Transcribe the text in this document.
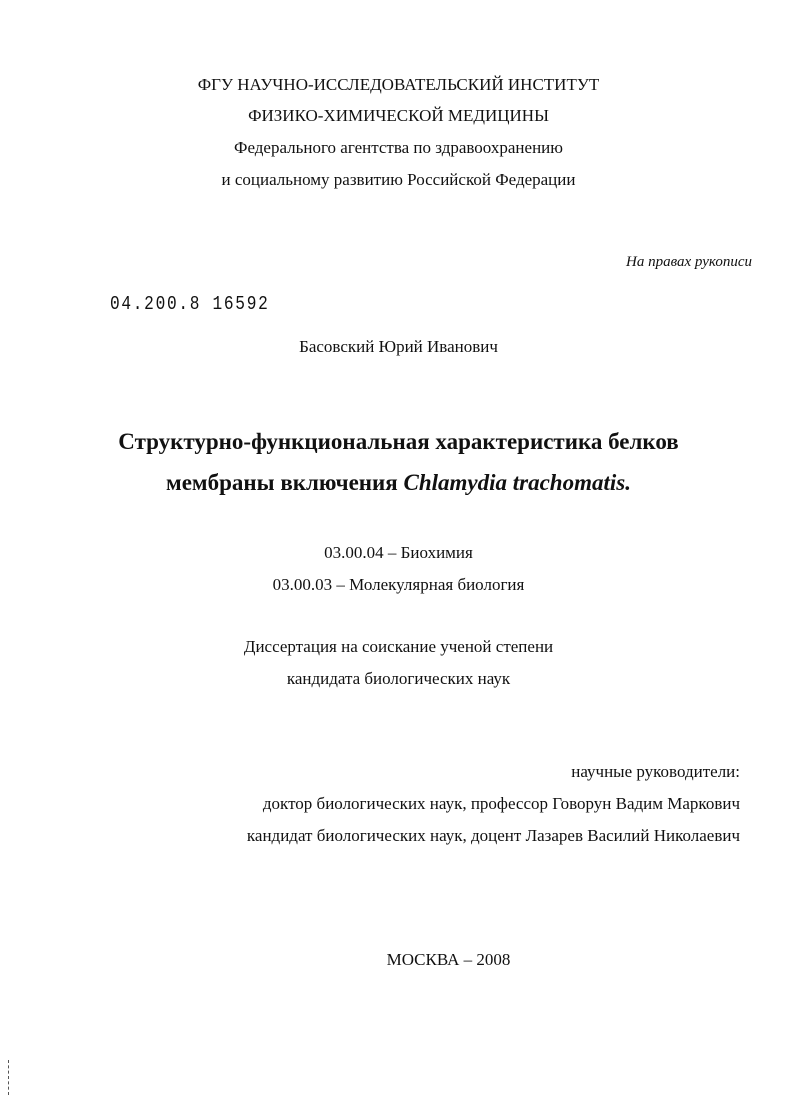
ФГУ НАУЧНО-ИССЛЕДОВАТЕЛЬСКИЙ ИНСТИТУТ
ФИЗИКО-ХИМИЧЕСКОЙ МЕДИЦИНЫ
Федерального агентства по здравоохранению
и социальному развитию Российской Федерации
На правах рукописи
04.200.8 16592
Басовский Юрий Иванович
Структурно-функциональная характеристика белков
мембраны включения Chlamydia trachomatis.
03.00.04 – Биохимия
03.00.03 – Молекулярная биология
Диссертация на соискание ученой степени
кандидата биологических наук
научные руководители:
доктор биологических наук, профессор Говорун Вадим Маркович
кандидат биологических наук, доцент Лазарев Василий Николаевич
МОСКВА – 2008
